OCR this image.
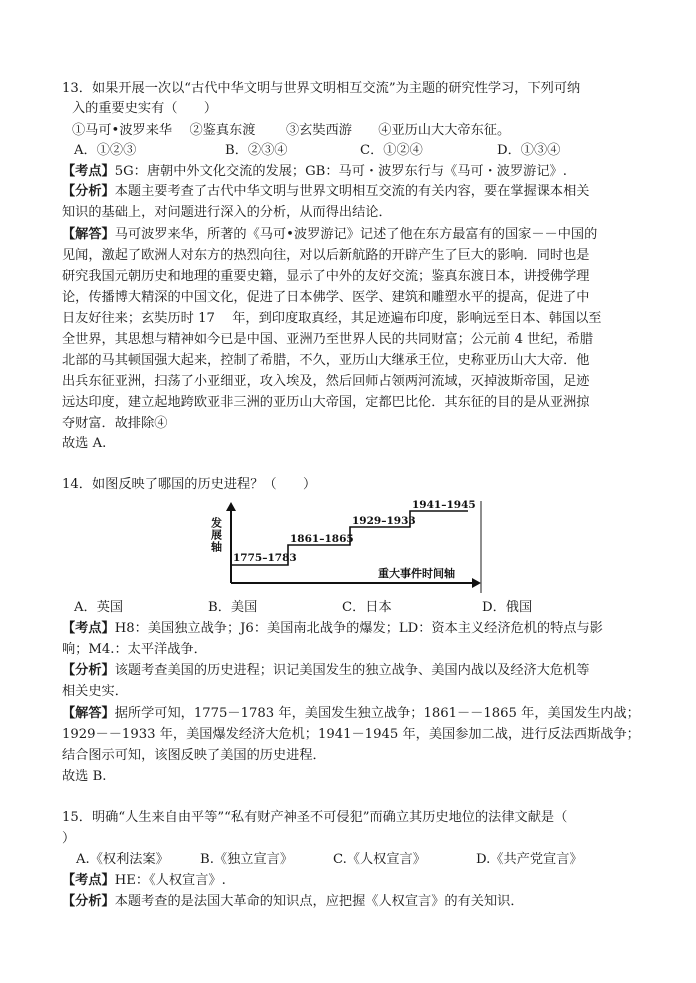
13．如果开展一次以“古代中华文明与世界文明相互交流”为主题的研究性学习，下列可纳
入的重要史实有（　　）
①马可•波罗来华　 ②鉴真东渡　　 ③玄奘西游　　④亚历山大大帝东征。
A．①②③	B．②③④	C．①②④	D．①③④
【考点】5G：唐朝中外文化交流的发展；GB：马可・波罗东行与《马可・波罗游记》.
【分析】本题主要考查了古代中华文明与世界文明相互交流的有关内容，要在掌握课本相关
知识的基础上，对问题进行深入的分析，从而得出结论．
【解答】马可波罗来华，所著的《马可•波罗游记》记述了他在东方最富有的国家－－中国的
见闻，激起了欧洲人对东方的热烈向往，对以后新航路的开辟产生了巨大的影响．同时也是
研究我国元朝历史和地理的重要史籍，显示了中外的友好交流；鉴真东渡日本，讲授佛学理
论，传播博大精深的中国文化，促进了日本佛学、医学、建筑和雕塑水平的提高，促进了中
日友好往来；玄奘历时 17　 年，到印度取真经，其足迹遍布印度，影响远至日本、韩国以至
全世界，其思想与精神如今已是中国、亚洲乃至世界人民的共同财富；公元前 4 世纪，希腊
北部的马其顿国强大起来，控制了希腊，不久，亚历山大继承王位，史称亚历山大大帝．他
出兵东征亚洲，扫荡了小亚细亚，攻入埃及，然后回师占领两河流域，灭掉波斯帝国，足迹
远达印度，建立起地跨欧亚非三洲的亚历山大帝国，定都巴比伦．其东征的目的是从亚洲掠
夺财富．故排除④
故选 A.
14．如图反映了哪国的历史进程？（　　）
发展轴
重大事件时间轴
1775–1783
1861–1865
1929–1933
1941–1945
A．英国	B．美国	C．日本	D．俄国
【考点】H8：美国独立战争；J6：美国南北战争的爆发；LD：资本主义经济危机的特点与影
响；M4.：太平洋战争．
【分析】该题考查美国的历史进程；识记美国发生的独立战争、美国内战以及经济大危机等
相关史实．
【解答】据所学可知，1775－1783 年，美国发生独立战争；1861－－1865 年，美国发生内战；
1929－－1933 年，美国爆发经济大危机；1941－1945 年，美国参加二战，进行反法西斯战争；
结合图示可知，该图反映了美国的历史进程．
故选 B.
15．明确“人生来自由平等”“私有财产神圣不可侵犯”而确立其历史地位的法律文献是（
）
A.《权利法案》 B.《独立宣言》	C.《人权宣言》	D.《共产党宣言》
【考点】HE：《人权宣言》.
【分析】本题考查的是法国大革命的知识点，应把握《人权宣言》的有关知识．
